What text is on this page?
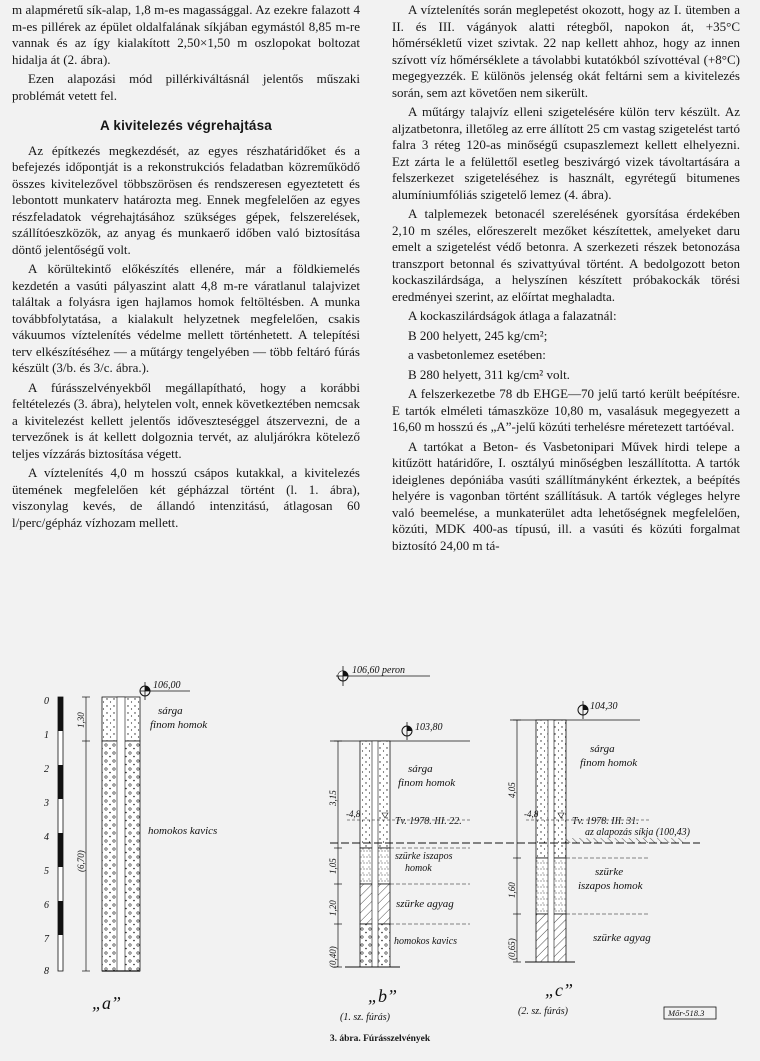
m alapméretű sík-alap, 1,8 m-es magassággal. Az ezekre falazott 4 m-es pillérek az épület oldalfalának síkjában egymástól 8,85 m-re vannak és az így kialakított 2,50×1,50 m oszlopokat boltozat hidalja át (2. ábra).

Ezen alapozási mód pillérkiváltásnál jelentős műszaki problémát vetett fel.

A kivitelezés végrehajtása

Az építkezés megkezdését, az egyes részhatáridőket és a befejezés időpontját is a rekonstrukciós feladatban közreműködő összes kivitelezővel többszörösen és rendszeresen egyeztetett és lebontott munkaterv határozta meg. Ennek megfelelően az egyes részfeladatok végrehajtásához szükséges gépek, felszerelések, szállítóeszközök, az anyag és munkaerő időben való biztosítása döntő jelentőségű volt.

A körültekintő előkészítés ellenére, már a földkiemelés kezdetén a vasúti pályaszint alatt 4,8 m-re váratlanul talajvizet találtak a folyásra igen hajlamos homok feltöltésben. A munka továbbfolytatása, a kialakult helyzetnek megfelelően, csakis vákuumos víztelenítés védelme mellett történhetett. A telepítési terv elkészítéséhez — a műtárgy tengelyében — több feltáró fúrás készült (3/b. és 3/c. ábra.).

A fúrásszelvényekből megállapítható, hogy a korábbi feltételezés (3. ábra), helytelen volt, ennek következtében nemcsak a kivitelezést kellett jelentős időveszteséggel átszervezni, de a tervezőnek is át kellett dolgoznia tervét, az aluljárókra kötelező teljes vízzárás biztosítása végett.

A víztelenítés 4,0 m hosszú csápos kutakkal, a kivitelezés ütemének megfelelően két gépházzal történt (l. 1. ábra), viszonylag kevés, de állandó intenzitású, átlagosan 60 l/perc/gépház vízhozam mellett.

A víztelenítés során meglepetést okozott, hogy az I. ütemben a II. és III. vágányok alatti rétegből, napokon át, +35°C hőmérsékletű vizet szivtak. 22 nap kellett ahhoz, hogy az innen szívott víz hőmérséklete a távolabbi kutatókból szívottéval (+8°C) megegyezzék. E különös jelenség okát feltárni sem a kivitelezés során, sem azt követően nem sikerült.

A műtárgy talajvíz elleni szigetelésére külön terv készült. Az aljzatbetonra, illetőleg az erre állított 25 cm vastag szigetelést tartó falra 3 réteg 120-as minőségű csupaszlemezt kellett elhelyezni. Ezt zárta le a felülettől esetleg beszivárgó vizek távoltartására a felszerkezet szigeteléséhez is használt, egyrétegű bitumenes alumíniumfóliás szigetelő lemez (4. ábra).

A talplemezek betonacél szerelésének gyorsítása érdekében 2,10 m széles, előreszerelt mezőket készítettek, amelyeket daru emelt a szigetelést védő betonra. A szerkezeti részek betonozása transzport betonnal és szivattyúval történt. A bedolgozott beton kockaszilárdsága, a helyszínen készített próbakockák törési eredményei szerint, az előírtat meghaladta.

A kockaszilárdságok átlaga a falazatnál:

B 200 helyett, 245 kg/cm²;

a vasbetonlemez esetében:

B 280 helyett, 311 kg/cm² volt.

A felszerkezetbe 78 db EHGE—70 jelű tartó került beépítésre. E tartók elméleti támaszköze 10,80 m, vasalásuk megegyezett a 16,60 m hosszú és „A”-jelű közúti terhelésre méretezett tartóéval.

A tartókat a Beton- és Vasbetonipari Művek hirdi telepe a kitűzött határidőre, I. osztályú minőségben leszállította. A tartók ideiglenes depóniába vasúti szállítmányként érkeztek, a beépítés helyére is vagonban történt szállításuk. A tartók végleges helyre való beemelése, a munkaterület adta lehetőségnek megfelelően, közúti, MDK 400-as típusú, ill. a vasúti és közúti forgalmat biztosító 24,00 m tá-

106,60 peron
0
1
2
3
4
5
6
7
8
1,30
(6,70)
106,00
sárga
finom homok
homokos kavics
„a”
103,80
3,15
1,05
1,20
(0,40)
-4,8
Tv. 1978. III. 22.
sárga
finom homok
szürke iszapos
homok
szürke agyag
homokos kavics
„b”
(1. sz. fúrás)
104,30
4,05
1,60
(0,65)
-4,8
Tv. 1978. III. 31.
az alapozás síkja (100,43)
sárga
finom homok
szürke
iszapos homok
szürke agyag
„c”
(2. sz. fúrás)	Mőr-518.3
3. ábra. Fúrásszelvények
